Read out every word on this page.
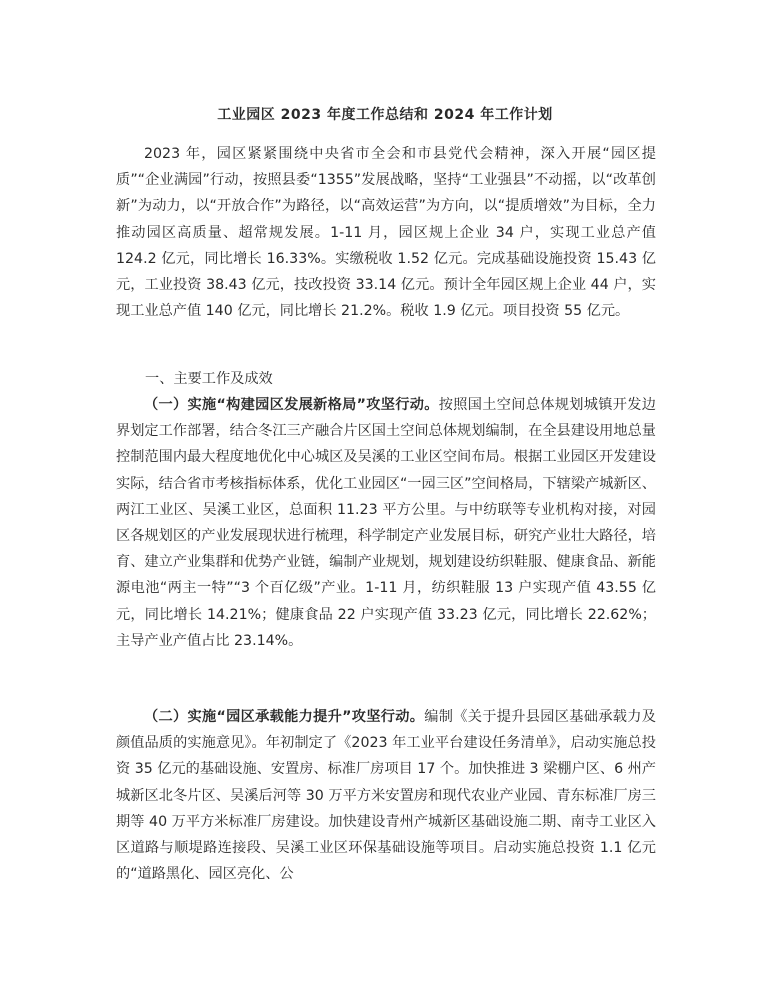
工业园区 2023 年度工作总结和 2024 年工作计划

2023 年，园区紧紧围绕中央省市全会和市县党代会精神，深入开展“园区提质”“企业满园”行动，按照县委“1355”发展战略，坚持“工业强县”不动摇，以“改革创新”为动力，以“开放合作”为路径，以“高效运营”为方向，以“提质增效”为目标，全力推动园区高质量、超常规发展。1-11 月，园区规上企业 34 户，实现工业总产值 124.2 亿元，同比增长 16.33%。实缴税收 1.52 亿元。完成基础设施投资 15.43 亿元，工业投资 38.43 亿元，技改投资 33.14 亿元。预计全年园区规上企业 44 户，实现工业总产值 140 亿元，同比增长 21.2%。税收 1.9 亿元。项目投资 55 亿元。

一、主要工作及成效

（一）实施“构建园区发展新格局”攻坚行动。按照国土空间总体规划城镇开发边界划定工作部署，结合冬江三产融合片区国土空间总体规划编制，在全县建设用地总量控制范围内最大程度地优化中心城区及吴溪的工业区空间布局。根据工业园区开发建设实际，结合省市考核指标体系，优化工业园区“一园三区”空间格局，下辖梁产城新区、两江工业区、吴溪工业区，总面积 11.23 平方公里。与中纺联等专业机构对接，对园区各规划区的产业发展现状进行梳理，科学制定产业发展目标，研究产业壮大路径，培育、建立产业集群和优势产业链，编制产业规划，规划建设纺织鞋服、健康食品、新能源电池“两主一特”“3 个百亿级”产业。1-11 月，纺织鞋服 13 户实现产值 43.55 亿元，同比增长 14.21%；健康食品 22 户实现产值 33.23 亿元，同比增长 22.62%；主导产业产值占比 23.14%。

（二）实施“园区承载能力提升”攻坚行动。编制《关于提升县园区基础承载力及颜值品质的实施意见》。年初制定了《2023 年工业平台建设任务清单》，启动实施总投资 35 亿元的基础设施、安置房、标准厂房项目 17 个。加快推进 3 梁棚户区、6 州产城新区北冬片区、吴溪后河等 30 万平方米安置房和现代农业产业园、青东标准厂房三期等 40 万平方米标准厂房建设。加快建设青州产城新区基础设施二期、南寺工业区入区道路与顺堤路连接段、吴溪工业区环保基础设施等项目。启动实施总投资 1.1 亿元的“道路黑化、园区亮化、公
